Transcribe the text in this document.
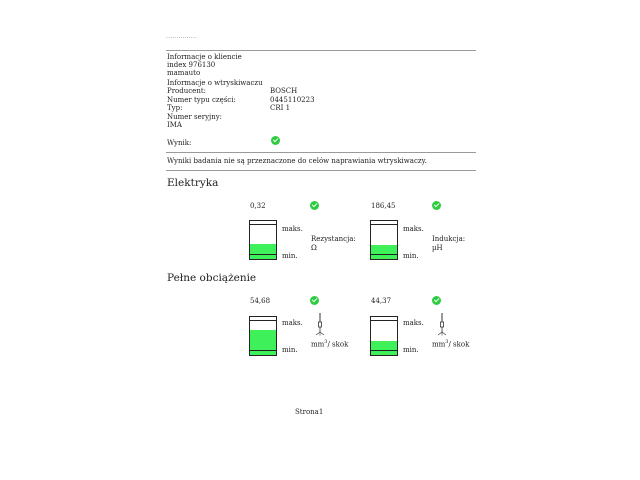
...............
Informacje o kliencie
index 976130
mamauto
Informacje o wtryskiwaczu
Producent:	BOSCH
Numer typu części:	0445110223
Typ:	CRI 1
Numer seryjny:
IMA
Wynik:
Wyniki badania nie są przeznaczone do celów naprawiania wtryskiwaczy.
Elektryka
0,32
maks.
min.
Rezystancja:
Ω
186,45
maks.
min.
Indukcja:
µH
Pełne obciążenie
54,68
maks.
min.
$mm^3/$ skok
44,37
maks.
min.
$mm^3/$ skok
Strona1
